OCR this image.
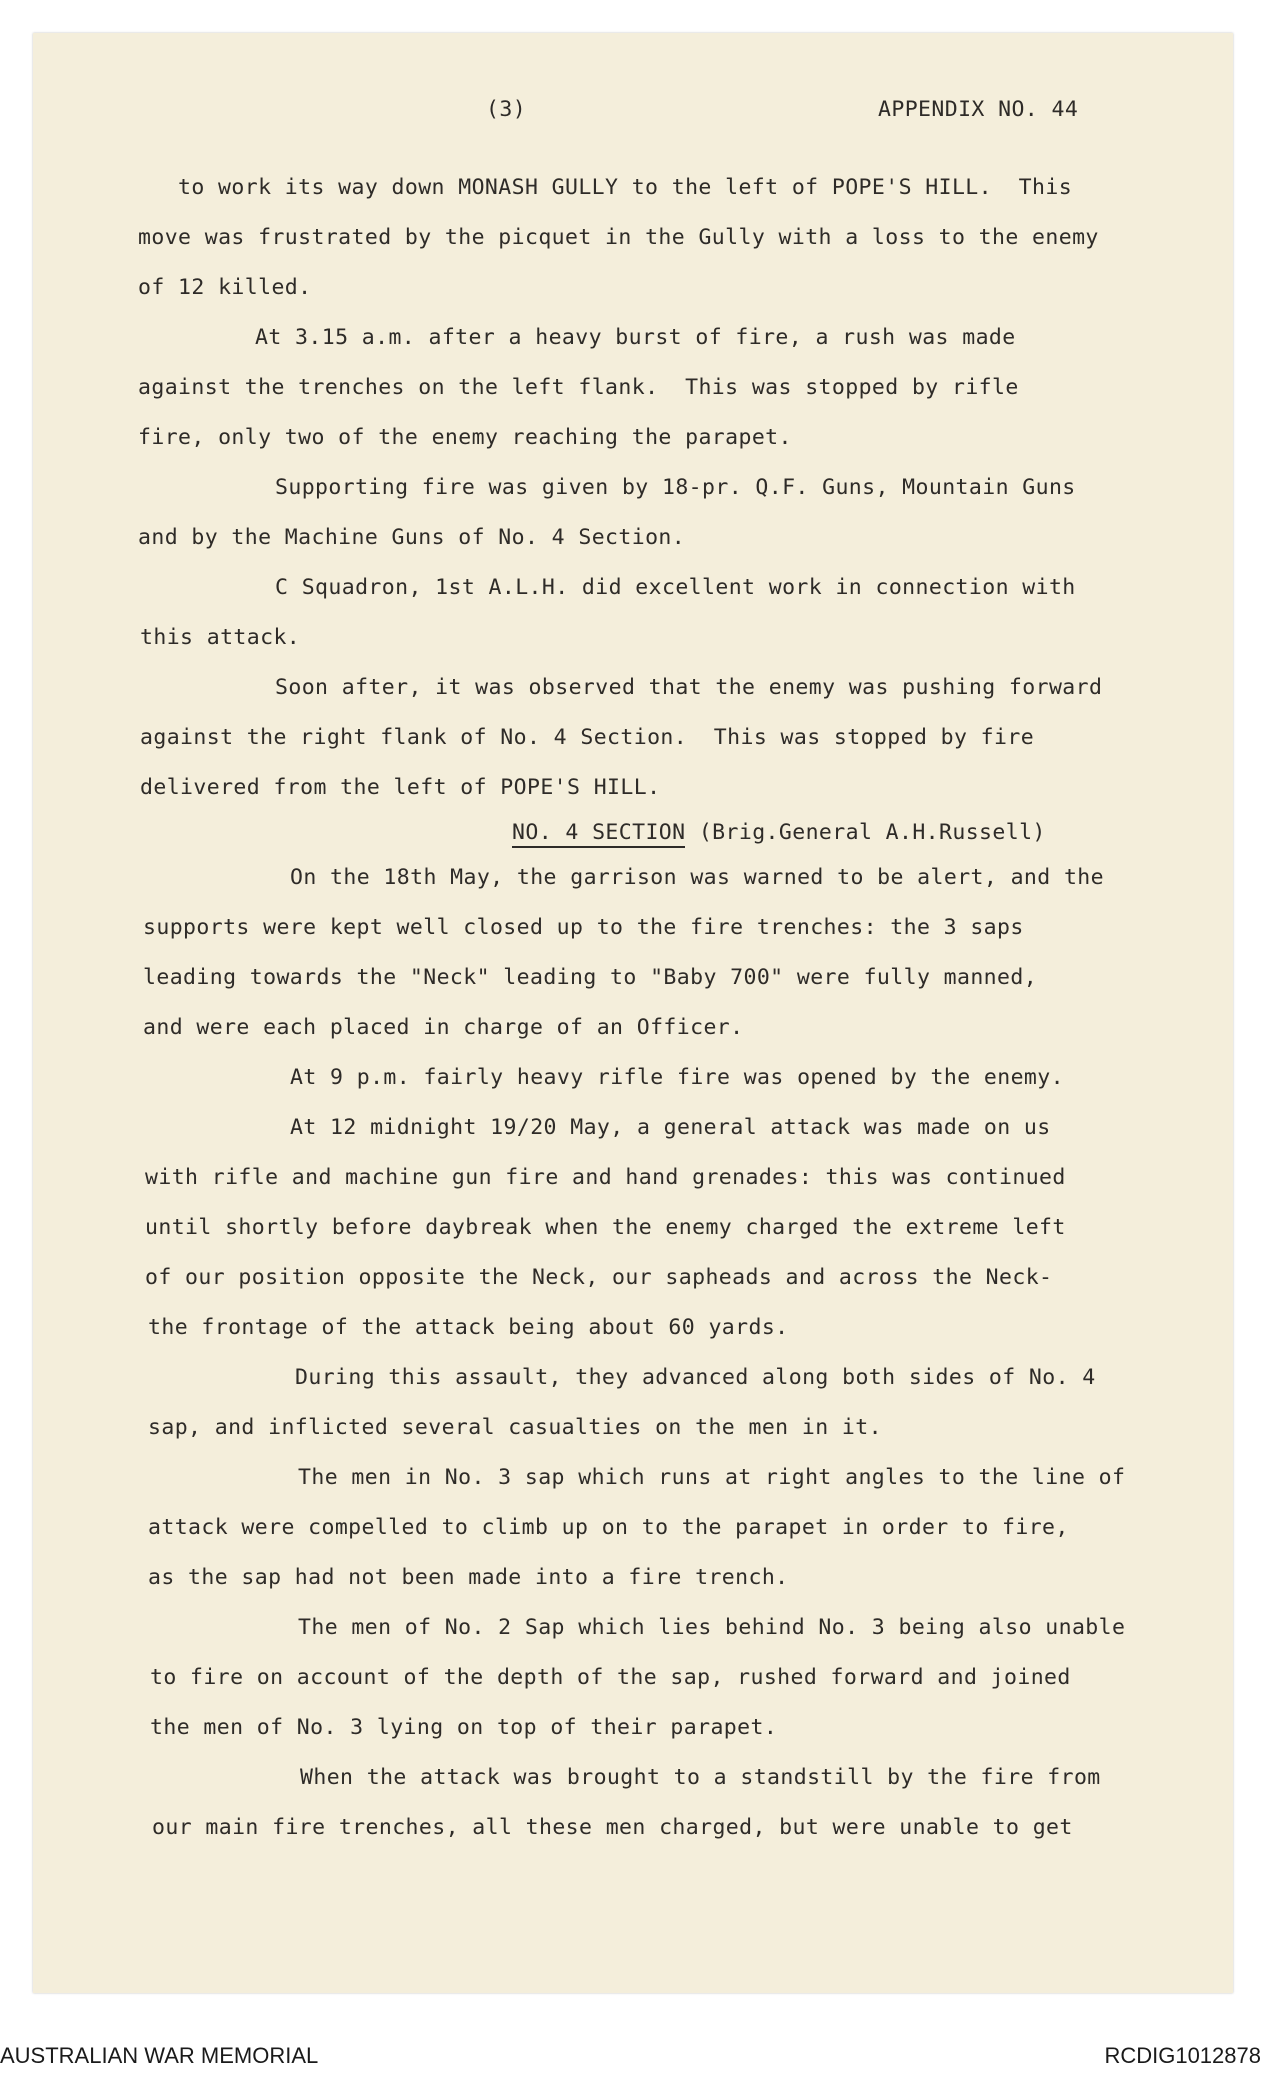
(3)	APPENDIX NO. 44
to work its way down MONASH GULLY to the left of POPE'S HILL.  This
move was frustrated by the picquet in the Gully with a loss to the enemy
of 12 killed.
At 3.15 a.m. after a heavy burst of fire, a rush was made
against the trenches on the left flank.  This was stopped by rifle
fire, only two of the enemy reaching the parapet.
Supporting fire was given by 18-pr. Q.F. Guns, Mountain Guns
and by the Machine Guns of No. 4 Section.
C Squadron, 1st A.L.H. did excellent work in connection with
this attack.
Soon after, it was observed that the enemy was pushing forward
against the right flank of No. 4 Section.  This was stopped by fire
delivered from the left of POPE'S HILL.
On the 18th May, the garrison was warned to be alert, and the
supports were kept well closed up to the fire trenches: the 3 saps
leading towards the "Neck" leading to "Baby 700" were fully manned,
and were each placed in charge of an Officer.
At 9 p.m. fairly heavy rifle fire was opened by the enemy.
At 12 midnight 19/20 May, a general attack was made on us
with rifle and machine gun fire and hand grenades: this was continued
until shortly before daybreak when the enemy charged the extreme left
of our position opposite the Neck, our sapheads and across the Neck-
the frontage of the attack being about 60 yards.
During this assault, they advanced along both sides of No. 4
sap, and inflicted several casualties on the men in it.
The men in No. 3 sap which runs at right angles to the line of
attack were compelled to climb up on to the parapet in order to fire,
as the sap had not been made into a fire trench.
The men of No. 2 Sap which lies behind No. 3 being also unable
to fire on account of the depth of the sap, rushed forward and joined
the men of No. 3 lying on top of their parapet.
When the attack was brought to a standstill by the fire from
our main fire trenches, all these men charged, but were unable to get
NO. 4 SECTION (Brig.General A.H.Russell)
AUSTRALIAN WAR MEMORIAL	RCDIG1012878
